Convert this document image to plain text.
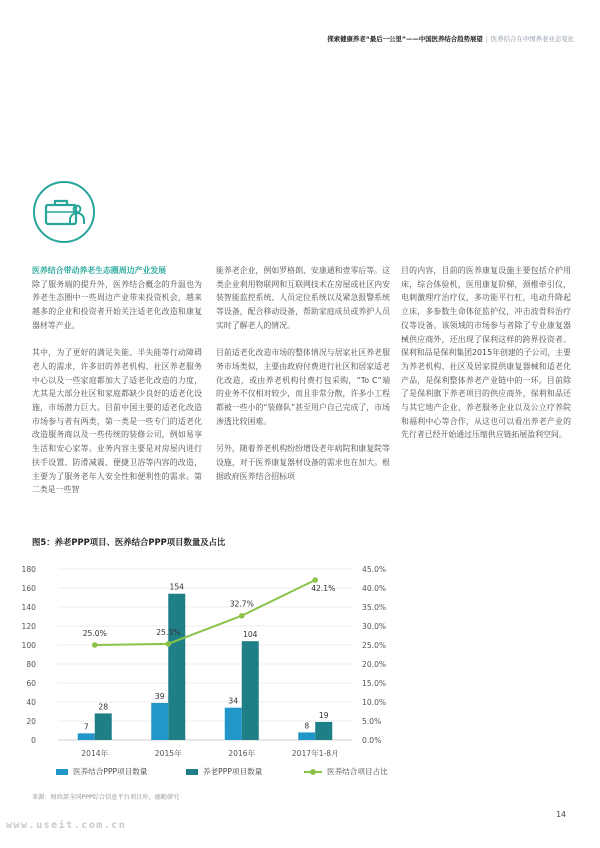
探索健康养老“最后一公里”——中国医养结合趋势展望 | 医养结合在中国养老业态变化

医养结合带动养老生态圈周边产业发展
除了服务端的提升外，医养结合概念的升温也为养老生态圈中一些周边产业带来投资机会，越来越多的企业和投资者开始关注适老化改造和康复器材等产业。

其中，为了更好的满足失能、半失能等行动障碍老人的需求，许多旧的养老机构、社区养老服务中心以及一些家庭都加大了适老化改造的力度，尤其是大部分社区和家庭都缺少良好的适老化设施，市场潜力巨大。目前中国主要的适老化改造市场参与者有两类，第一类是一些专门的适老化改造服务商以及一些传统的装修公司，例如易享生活和安心家等。业务内容主要是对房屋内进行扶手设置、防滑减震、便捷卫浴等内容的改造，主要为了服务老年人安全性和便利性的需求。第二类是一些智

能养老企业，例如罗格朗、安康通和壹零后等。这类企业利用物联网和互联网技术在房屋或社区内安装智能监控系统、人员定位系统以及紧急报警系统等设备，配合移动设备，帮助家庭成员或养护人员实时了解老人的情况。

目前适老化改造市场的整体情况与居家社区养老服务市场类似，主要由政府付费进行社区和居家适老化改造，或由养老机构付费打包采购，“To C”端的业务不仅相对较少，而且非常分散，许多小工程都被一些小的“装修队”甚至用户自己完成了，市场渗透比较困难。

另外，随着养老机构纷纷增设老年病院和康复院等设施，对于医养康复器材设备的需求也在加大。根据政府医养结合招标项

目的内容，目前的医养康复设施主要包括介护用床，综合体验机，医用康复阶梯，颈椎牵引仪，电刺激理疗治疗仪，多功能平行杠，电动升降起立床，多参数生命体征监护仪，冲击波骨科治疗仪等设备。该领域的市场参与者除了专业康复器械供应商外，还出现了保利这样的跨界投资者。保利和品是保利集团2015年创建的子公司，主要为养老机构、社区及居家提供康复器械和适老化产品，是保利整体养老产业链中的一环。目前除了是保利旗下养老项目的供应商外，保利和品还与其它地产企业、养老服务企业以及公立疗养院和福利中心等合作，从这也可以看出养老产业的先行者已经开始通过压缩供应链拓展盈利空间。

图5：养老PPP项目、医养结合PPP项目数量及占比
0
20
40
60
80
100
120
140
160
180
0.0%
5.0%
10.0%
15.0%
20.0%
25.0%
30.0%
35.0%
40.0%
45.0%
2014年	2015年	2016年	2017年1-8月
7
39
34
8
28
154
104
19
25.0%	25.3%
32.7%
42.1%
医养结合PPP项目数量	养老PPP项目数量	医养结合项目占比
来源：财政部全国PPP综合信息平台项目库，德勤研究
www.useit.com.cn
14
